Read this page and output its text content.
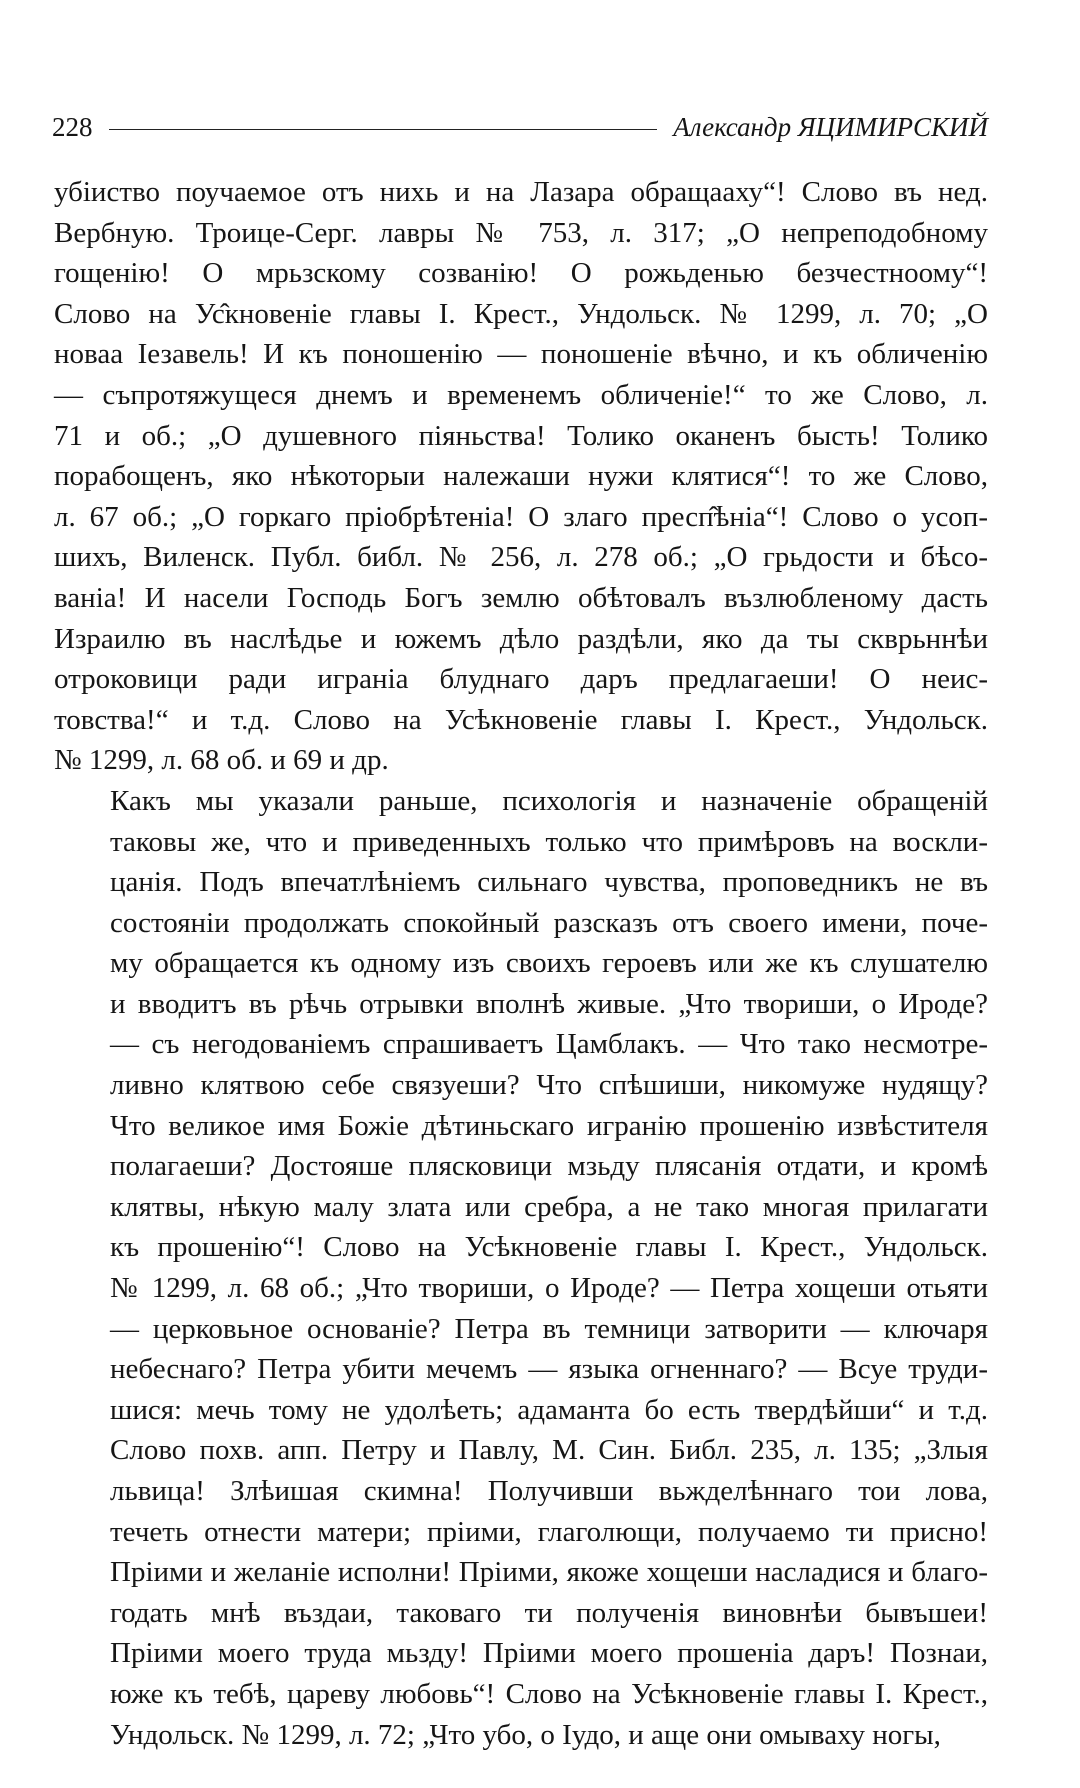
228	Александр ЯЦИМИРСКИЙ

убіиство поучаемое отъ нихь и на Лазара обращааху“! Слово въ нед.
Вербную. Троице-Серг. лавры № 753, л. 317; „О непреподобному
гощенію! О мрьзскому созванію! О рожьденью безчестноому“!
Слово на Ус̂кновеніе главы I. Крест., Ундольск. № 1299, л. 70; „О
новаа Іезавель! И къ поношенію — поношеніе вѣчно, и къ обличенію
— съпротяжущеся днемъ и временемъ обличеніе!“ то же Слово, л.
71 и об.; „О душевного піяньства! Толико оканенъ бысть! Толико
порабощенъ, яко нѣкоторыи належаши нужи клятися“! то же Слово,
л. 67 об.; „О горкаго пріобрѣтеніа! О злаго пресп̂ѣніа“! Слово о усоп-
шихъ, Виленск. Публ. библ. № 256, л. 278 об.; „О грьдости и бѣсо-
ваніа! И насели Господь Богъ землю обѣтовалъ възлюбленому дасть
Израилю въ наслѣдье и южемъ дѣло раздѣли, яко да ты скврьннѣи
отроковици ради играніа блуднаго даръ предлагаеши! О неис-
товства!“ и т.д. Слово на Усѣкновеніе главы I. Крест., Ундольск.
№ 1299, л. 68 об. и 69 и др.

Какъ мы указали раньше, психологія и назначеніе обращеній
таковы же, что и приведенныхъ только что примѣровъ на воскли-
цанія. Подъ впечатлѣніемъ сильнаго чувства, проповедникъ не въ
состояніи продолжать спокойный разсказъ отъ своего имени, поче-
му обращается къ одному изъ своихъ героевъ или же къ слушателю
и вводитъ въ рѣчь отрывки вполнѣ живые. „Что твориши, о Ироде?
— съ негодованіемъ спрашиваетъ Цамблакъ. — Что тако несмотре-
ливно клятвою себе связуеши? Что спѣшиши, никомуже нудящу?
Что великое имя Божіе дѣтиньскаго игранію прошенію извѣстителя
полагаеши? Достояше плясковици мзьду плясанія отдати, и кромѣ
клятвы, нѣкую малу злата или сребра, а не тако многая прилагати
къ прошенію“! Слово на Усѣкновеніе главы I. Крест., Ундольск.
№ 1299, л. 68 об.; „Что твориши, о Ироде? — Петра хощеши отьяти
— церковьное основаніе? Петра въ темници затворити — ключаря
небеснаго? Петра убити мечемъ — языка огненнаго? — Всуе труди-
шися: мечь тому не удолѣеть; адаманта бо есть твердѣйши“ и т.д.
Слово похв. апп. Петру и Павлу, М. Син. Библ. 235, л. 135; „Злыя
львица! Злѣишая скимна! Получивши вьжделѣннаго тои лова,
течеть отнести матери; пріими, глаголющи, получаемо ти присно!
Пріими и желаніе исполни! Пріими, якоже хощеши насладися и благо-
годать мнѣ въздаи, таковаго ти полученія виновнѣи бывъшеи!
Пріими моего труда мьзду! Пріими моего прошеніа даръ! Познаи,
юже къ тебѣ, цареву любовь“! Слово на Усѣкновеніе главы I. Крест.,
Ундольск. № 1299, л. 72; „Что убо, о Іудо, и аще они омываху ногы,
